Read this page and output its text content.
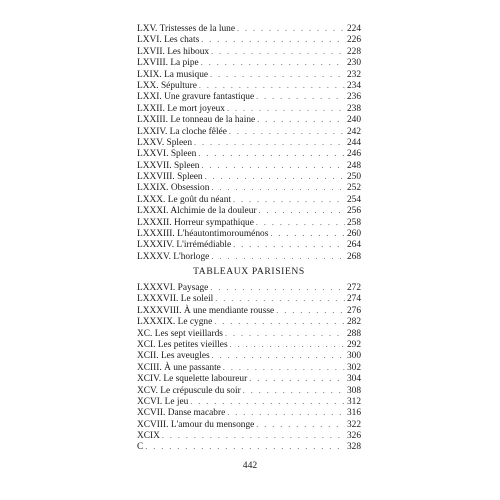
LXV. Tristesses de la lune . . .	224
LXVI. Les chats . . .	226
LXVII. Les hiboux . . .	228
LXVIII. La pipe . . .	230
LXIX. La musique . . .	232
LXX. Sépulture . . .	234
LXXI. Une gravure fantastique . . .	236
LXXII. Le mort joyeux . . .	238
LXXIII. Le tonneau de la haine . . .	240
LXXIV. La cloche fêlée . . .	242
LXXV. Spleen . . .	244
LXXVI. Spleen . . .	246
LXXVII. Spleen . . .	248
LXXVIII. Spleen . . .	250
LXXIX. Obsession . . .	252
LXXX. Le goût du néant . . .	254
LXXXI. Alchimie de la douleur . . .	256
LXXXII. Horreur sympathique . . .	258
LXXXIII. L'héautontimorouménos . . .	260
LXXXIV. L'irrémédiable . . .	264
LXXXV. L'horloge . . .	268
TABLEAUX PARISIENS
LXXXVI. Paysage . . .	272
LXXXVII. Le soleil . . .	274
LXXXVIII. À une mendiante rousse . . .	276
LXXXIX. Le cygne . . .	282
XC. Les sept vieillards . . .	288
XCI. Les petites vieilles . . .	292
XCII. Les aveugles . . .	300
XCIII. À une passante . . .	302
XCIV. Le squelette laboureur . . .	304
XCV. Le crépuscule du soir . . .	308
XCVI. Le jeu . . .	312
XCVII. Danse macabre . . .	316
XCVIII. L'amour du mensonge . . .	322
XCIX . . .	326
C . . .	328
442
